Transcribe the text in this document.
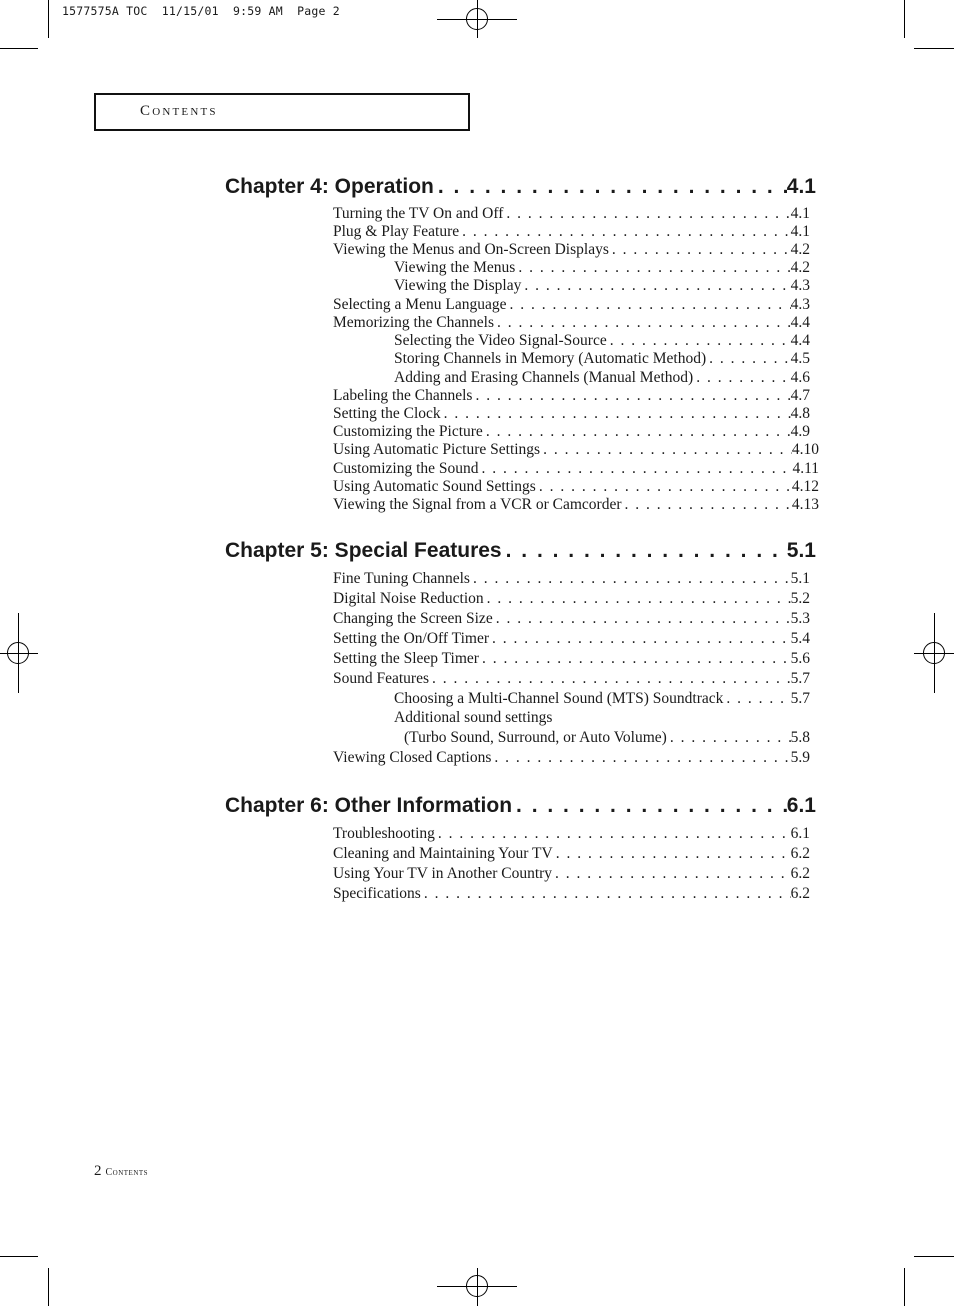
1577575A TOC  11/15/01  9:59 AM  Page 2
Contents
Chapter 4: Operation . . .	4.1
Turning the TV On and Off . . .	4.1
Plug & Play Feature . . .	4.1
Viewing the Menus and On-Screen Displays . . .	4.2
Viewing the Menus . . .	4.2
Viewing the Display . . .	4.3
Selecting a Menu Language . . .	4.3
Memorizing the Channels . . .	4.4
Selecting the Video Signal-Source . . .	4.4
Storing Channels in Memory (Automatic Method) . . .	4.5
Adding and Erasing Channels (Manual Method) . . .	4.6
Labeling the Channels . . .	4.7
Setting the Clock . . .	4.8
Customizing the Picture . . .	4.9
Using Automatic Picture Settings . . .	4.10
Customizing the Sound . . .	4.11
Using Automatic Sound Settings . . .	4.12
Viewing the Signal from a VCR or Camcorder . . .	4.13
Chapter 5: Special Features . . .	5.1
Fine Tuning Channels . . .	5.1
Digital Noise Reduction . . .	5.2
Changing the Screen Size . . .	5.3
Setting the On/Off Timer . . .	5.4
Setting the Sleep Timer . . .	5.6
Sound Features . . .	5.7
Choosing a Multi-Channel Sound (MTS) Soundtrack . . .	5.7
Additional sound settings
(Turbo Sound, Surround, or Auto Volume) . . .	5.8
Viewing Closed Captions . . .	5.9
Chapter 6: Other Information . . .	6.1
Troubleshooting . . .	6.1
Cleaning and Maintaining Your TV . . .	6.2
Using Your TV in Another Country . . .	6.2
Specifications . . .	6.2
2 Contents
